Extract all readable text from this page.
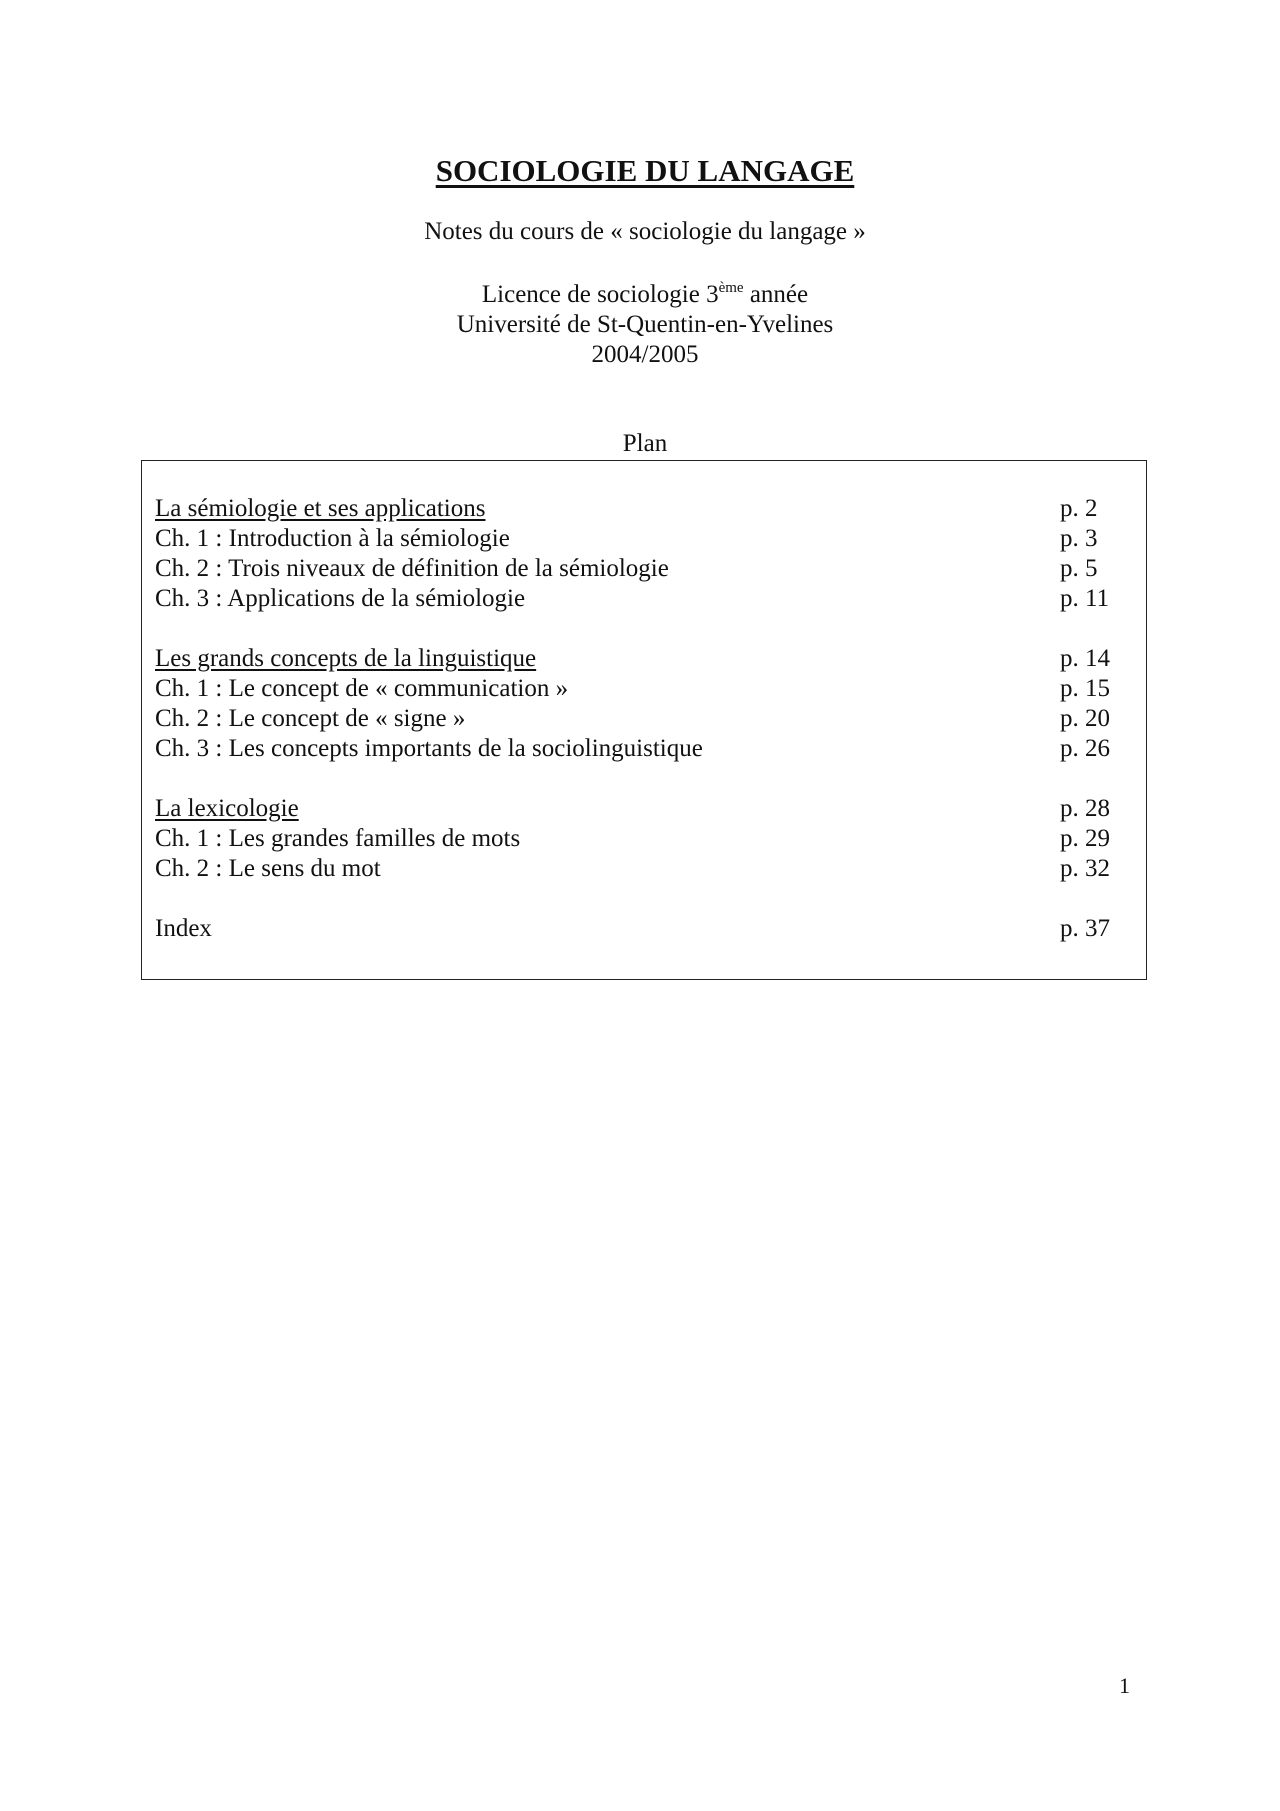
SOCIOLOGIE DU LANGAGE
Notes du cours de « sociologie du langage »
Licence de sociologie 3ème année
Université de St-Quentin-en-Yvelines
2004/2005
Plan
La sémiologie et ses applications	p. 2
Ch. 1 : Introduction à la sémiologie	p. 3
Ch. 2 : Trois niveaux de définition de la sémiologie	p. 5
Ch. 3 : Applications de la sémiologie	p. 11
Les grands concepts de la linguistique	p. 14
Ch. 1 : Le concept de « communication »	p. 15
Ch. 2 : Le concept de « signe »	p. 20
Ch. 3 : Les concepts importants de la sociolinguistique	p. 26
La lexicologie	p. 28
Ch. 1 : Les grandes familles de mots	p. 29
Ch. 2 : Le sens du mot	p. 32
Index	p. 37
1
